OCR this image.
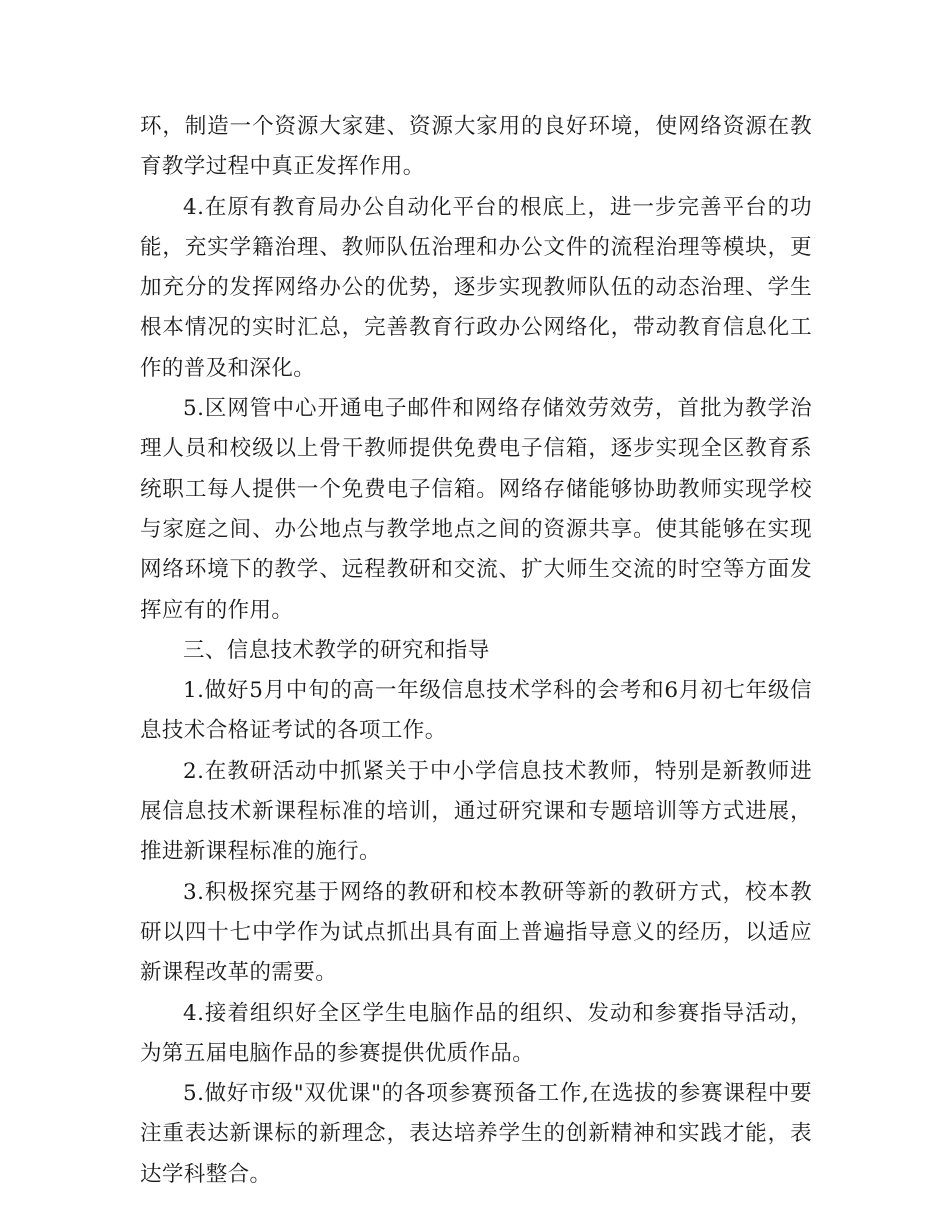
环，制造一个资源大家建、资源大家用的良好环境，使网络资源在教育教学过程中真正发挥作用。

4.在原有教育局办公自动化平台的根底上，进一步完善平台的功能，充实学籍治理、教师队伍治理和办公文件的流程治理等模块，更加充分的发挥网络办公的优势，逐步实现教师队伍的动态治理、学生根本情况的实时汇总，完善教育行政办公网络化，带动教育信息化工作的普及和深化。

5.区网管中心开通电子邮件和网络存储效劳效劳，首批为教学治理人员和校级以上骨干教师提供免费电子信箱，逐步实现全区教育系统职工每人提供一个免费电子信箱。网络存储能够协助教师实现学校与家庭之间、办公地点与教学地点之间的资源共享。使其能够在实现网络环境下的教学、远程教研和交流、扩大师生交流的时空等方面发挥应有的作用。

三、信息技术教学的研究和指导

1.做好5月中旬的高一年级信息技术学科的会考和6月初七年级信息技术合格证考试的各项工作。

2.在教研活动中抓紧关于中小学信息技术教师，特别是新教师进展信息技术新课程标准的培训，通过研究课和专题培训等方式进展，推进新课程标准的施行。

3.积极探究基于网络的教研和校本教研等新的教研方式，校本教研以四十七中学作为试点抓出具有面上普遍指导意义的经历，以适应新课程改革的需要。

4.接着组织好全区学生电脑作品的组织、发动和参赛指导活动，为第五届电脑作品的参赛提供优质作品。

5.做好市级"双优课"的各项参赛预备工作,在选拔的参赛课程中要注重表达新课标的新理念，表达培养学生的创新精神和实践才能，表达学科整合。
